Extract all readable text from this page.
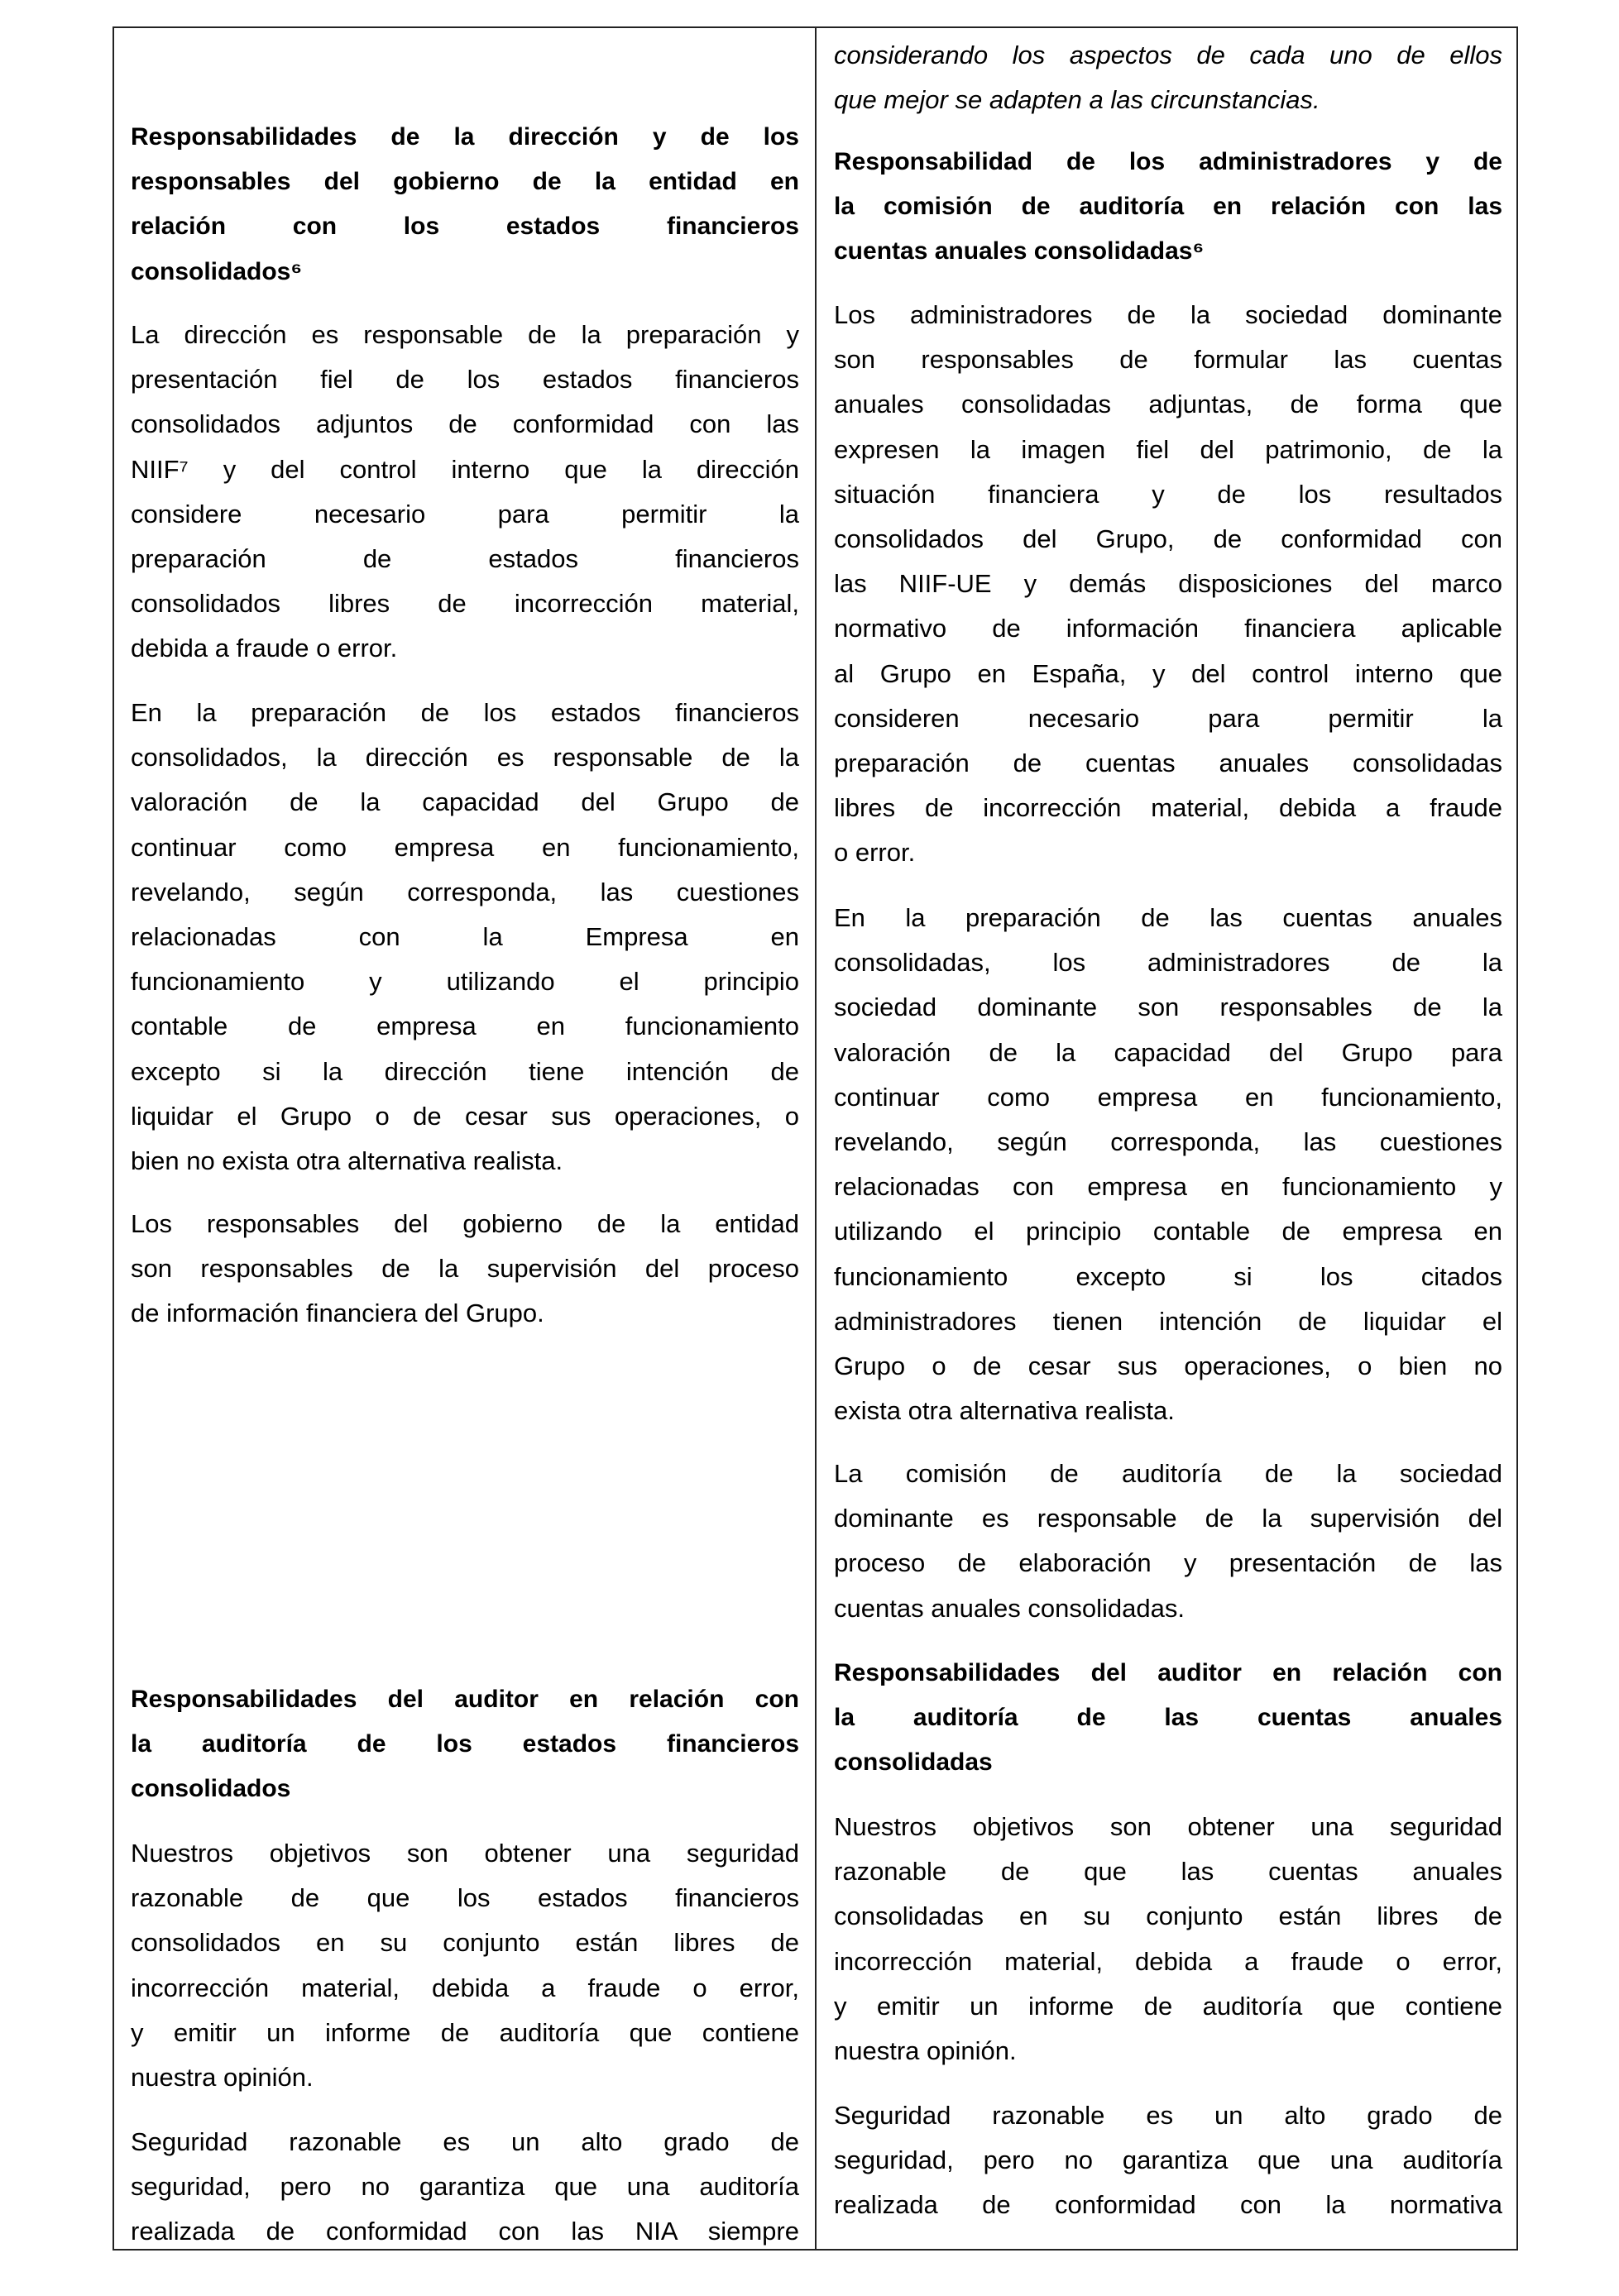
Responsabilidades de la dirección y de los
responsables del gobierno de la entidad en
relación con los estados financieros
consolidados⁶
La dirección es responsable de la preparación y
presentación fiel de los estados financieros
consolidados adjuntos de conformidad con las
NIIF⁷ y del control interno que la dirección
considere necesario para permitir la
preparación de estados financieros
consolidados libres de incorrección material,
debida a fraude o error.
En la preparación de los estados financieros
consolidados, la dirección es responsable de la
valoración de la capacidad del Grupo de
continuar como empresa en funcionamiento,
revelando, según corresponda, las cuestiones
relacionadas con la Empresa en
funcionamiento y utilizando el principio
contable de empresa en funcionamiento
excepto si la dirección tiene intención de
liquidar el Grupo o de cesar sus operaciones, o
bien no exista otra alternativa realista.
Los responsables del gobierno de la entidad
son responsables de la supervisión del proceso
de información financiera del Grupo.
Responsabilidades del auditor en relación con
la auditoría de los estados financieros
consolidados
Nuestros objetivos son obtener una seguridad
razonable de que los estados financieros
consolidados en su conjunto están libres de
incorrección material, debida a fraude o error,
y emitir un informe de auditoría que contiene
nuestra opinión.
Seguridad razonable es un alto grado de
seguridad, pero no garantiza que una auditoría
realizada de conformidad con las NIA siempre
considerando los aspectos de cada uno de ellos
que mejor se adapten a las circunstancias.
Responsabilidad de los administradores y de
la comisión de auditoría en relación con las
cuentas anuales consolidadas⁶
Los administradores de la sociedad dominante
son responsables de formular las cuentas
anuales consolidadas adjuntas, de forma que
expresen la imagen fiel del patrimonio, de la
situación financiera y de los resultados
consolidados del Grupo, de conformidad con
las NIIF-UE y demás disposiciones del marco
normativo de información financiera aplicable
al Grupo en España, y del control interno que
consideren necesario para permitir la
preparación de cuentas anuales consolidadas
libres de incorrección material, debida a fraude
o error.
En la preparación de las cuentas anuales
consolidadas, los administradores de la
sociedad dominante son responsables de la
valoración de la capacidad del Grupo para
continuar como empresa en funcionamiento,
revelando, según corresponda, las cuestiones
relacionadas con empresa en funcionamiento y
utilizando el principio contable de empresa en
funcionamiento excepto si los citados
administradores tienen intención de liquidar el
Grupo o de cesar sus operaciones, o bien no
exista otra alternativa realista.
La comisión de auditoría de la sociedad
dominante es responsable de la supervisión del
proceso de elaboración y presentación de las
cuentas anuales consolidadas.
Responsabilidades del auditor en relación con
la auditoría de las cuentas anuales
consolidadas
Nuestros objetivos son obtener una seguridad
razonable de que las cuentas anuales
consolidadas en su conjunto están libres de
incorrección material, debida a fraude o error,
y emitir un informe de auditoría que contiene
nuestra opinión.
Seguridad razonable es un alto grado de
seguridad, pero no garantiza que una auditoría
realizada de conformidad con la normativa
